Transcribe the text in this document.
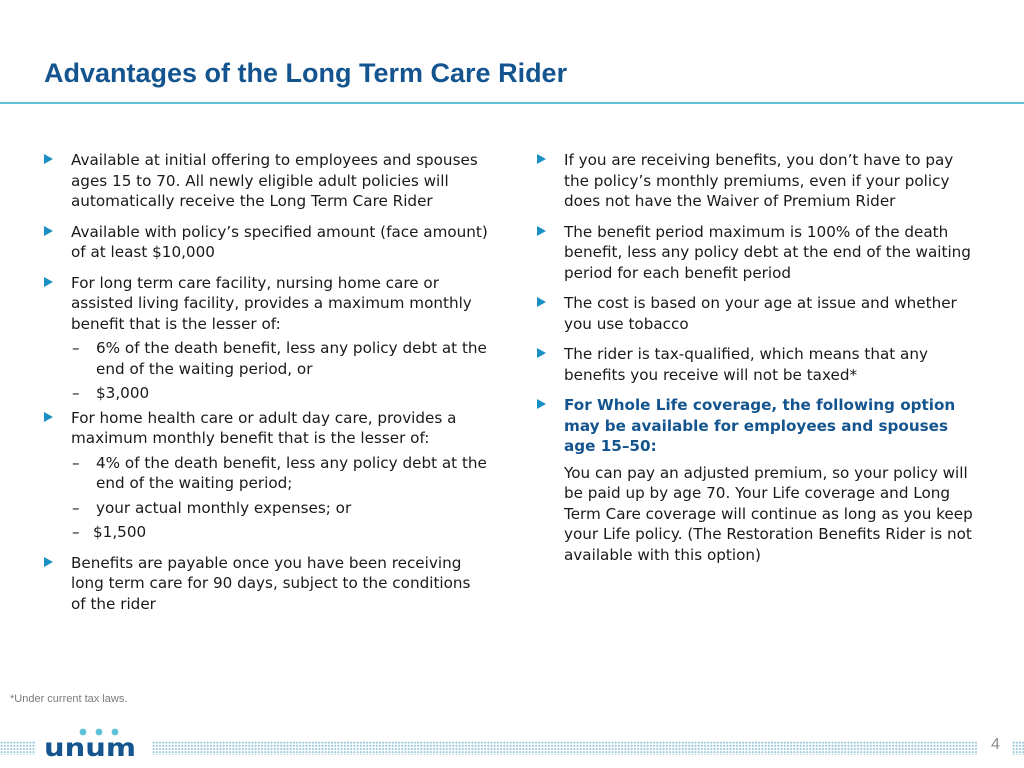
Advantages of the Long Term Care Rider
Available at initial offering to employees and spouses ages 15 to 70. All newly eligible adult policies will automatically receive the Long Term Care Rider
Available with policy’s specified amount (face amount) of at least $10,000
For long term care facility, nursing home care or assisted living facility, provides a maximum monthly benefit that is the lesser of:
– 6% of the death benefit, less any policy debt at the end of the waiting period, or
– $3,000
For home health care or adult day care, provides a maximum monthly benefit that is the lesser of:
– 4% of the death benefit, less any policy debt at the end of the waiting period;
– your actual monthly expenses; or
– $1,500
Benefits are payable once you have been receiving long term care for 90 days, subject to the conditions of the rider
If you are receiving benefits, you don’t have to pay the policy’s monthly premiums, even if your policy does not have the Waiver of Premium Rider
The benefit period maximum is 100% of the death benefit, less any policy debt at the end of the waiting period for each benefit period
The cost is based on your age at issue and whether you use tobacco
The rider is tax-qualified, which means that any benefits you receive will not be taxed*
For Whole Life coverage, the following option may be available for employees and spouses age 15–50:
You can pay an adjusted premium, so your policy will be paid up by age 70. Your Life coverage and Long Term Care coverage will continue as long as you keep your Life policy. (The Restoration Benefits Rider is not available with this option)
*Under current tax laws.
unum	4
